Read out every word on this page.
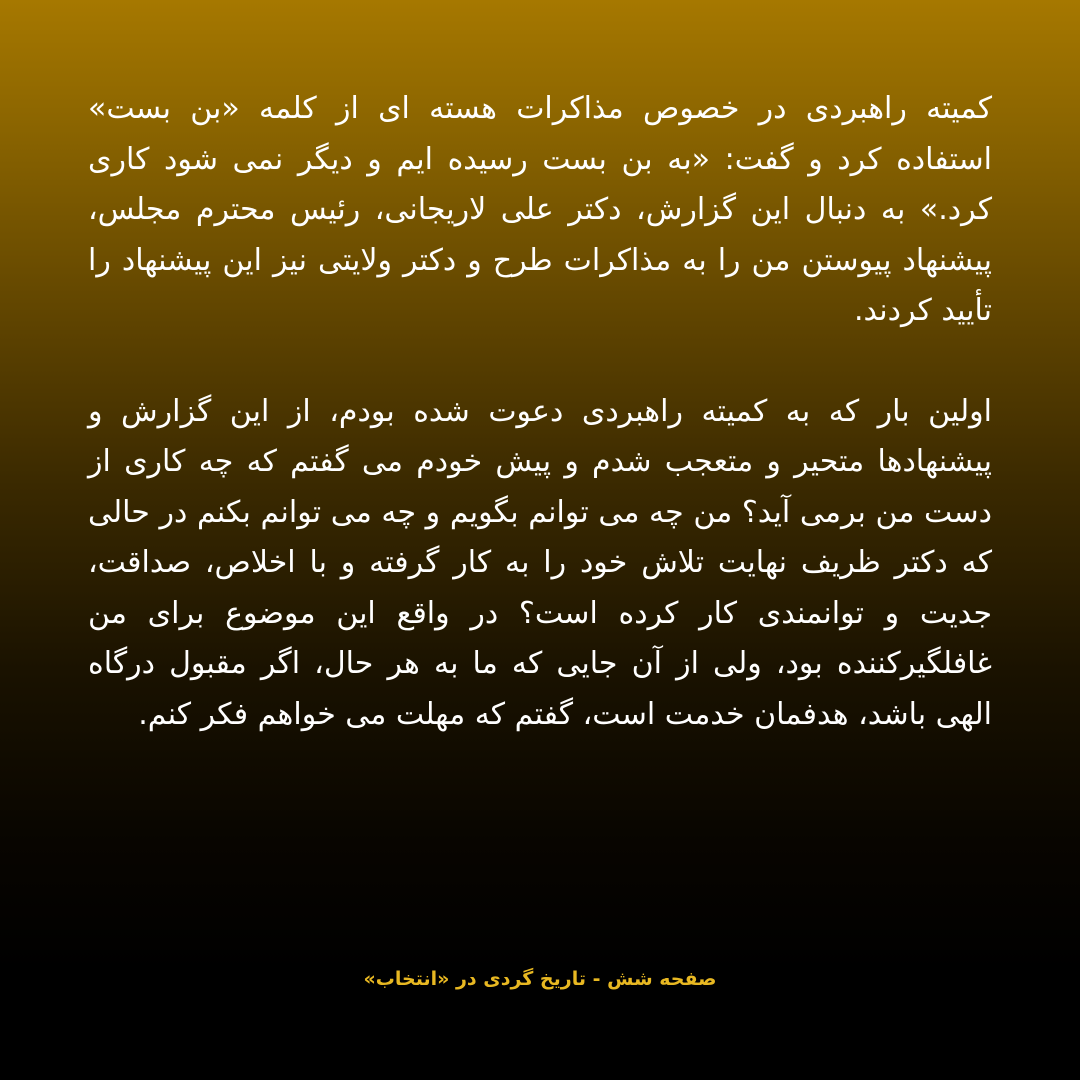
کمیته راهبردی در خصوص مذاکرات هسته ای از کلمه «بن بست» استفاده کرد و گفت: «به بن بست رسیده ایم و دیگر نمی شود کاری کرد.» به دنبال این گزارش، دکتر علی لاریجانی، رئیس محترم مجلس، پیشنهاد پیوستن من را به مذاکرات طرح و دکتر ولایتی نیز این پیشنهاد را تأیید کردند.

اولین بار که به کمیته راهبردی دعوت شده بودم، از این گزارش و پیشنهادها متحیر و متعجب شدم و پیش خودم می گفتم که چه کاری از دست من برمی آید؟ من چه می توانم بگویم و چه می توانم بکنم در حالی که دکتر ظریف نهایت تلاش خود را به کار گرفته و با اخلاص، صداقت، جدیت و توانمندی کار کرده است؟ در واقع این موضوع برای من غافلگیرکننده بود، ولی از آن جایی که ما به هر حال، اگر مقبول درگاه الهی باشد، هدفمان خدمت است، گفتم که مهلت می خواهم فکر کنم.

صفحه شش - تاریخ گردی در «انتخاب»
